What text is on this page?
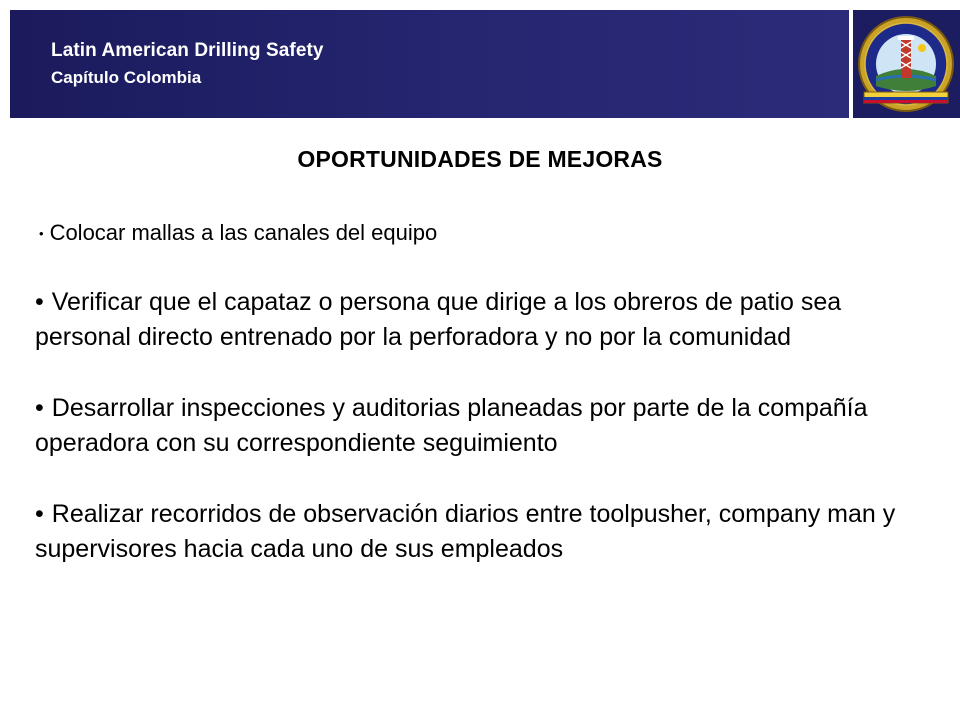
Latin American Drilling Safety
Capítulo Colombia
OPORTUNIDADES DE MEJORAS
• Colocar mallas a las canales del equipo
• Verificar que el capataz o persona que dirige a los obreros de patio sea personal directo entrenado por la perforadora y no por la comunidad
• Desarrollar inspecciones y auditorias planeadas por parte de la compañía operadora con su correspondiente seguimiento
• Realizar recorridos de observación diarios entre toolpusher, company man y supervisores hacia cada uno de sus empleados
